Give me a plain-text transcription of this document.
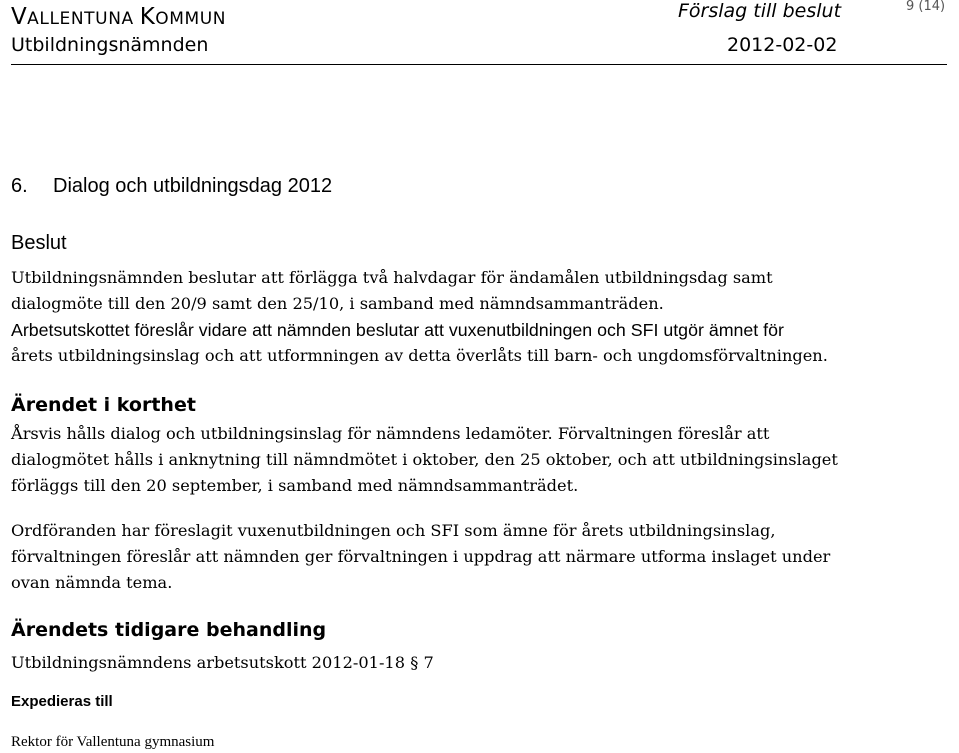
VALLENTUNA KOMMUN
Utbildningsnämnden
Förslag till beslut
2012-02-02
9 (14)
6. Dialog och utbildningsdag 2012
Beslut
Utbildningsnämnden beslutar att förlägga två halvdagar för ändamålen utbildningsdag samt
dialogmöte till den 20/9 samt den 25/10, i samband med nämndsammanträden.
Arbetsutskottet föreslår vidare att nämnden beslutar att vuxenutbildningen och SFI utgör ämnet för
årets utbildningsinslag och att utformningen av detta överlåts till barn- och ungdomsförvaltningen.
Ärendet i korthet
Årsvis hålls dialog och utbildningsinslag för nämndens ledamöter. Förvaltningen föreslår att
dialogmötet hålls i anknytning till nämndmötet i oktober, den 25 oktober, och att utbildningsinslaget
förläggs till den 20 september, i samband med nämndsammanträdet.
Ordföranden har föreslagit vuxenutbildningen och SFI som ämne för årets utbildningsinslag,
förvaltningen föreslår att nämnden ger förvaltningen i uppdrag att närmare utforma inslaget under
ovan nämnda tema.
Ärendets tidigare behandling
Utbildningsnämndens arbetsutskott 2012-01-18 § 7
Expedieras till
Rektor för Vallentuna gymnasium
